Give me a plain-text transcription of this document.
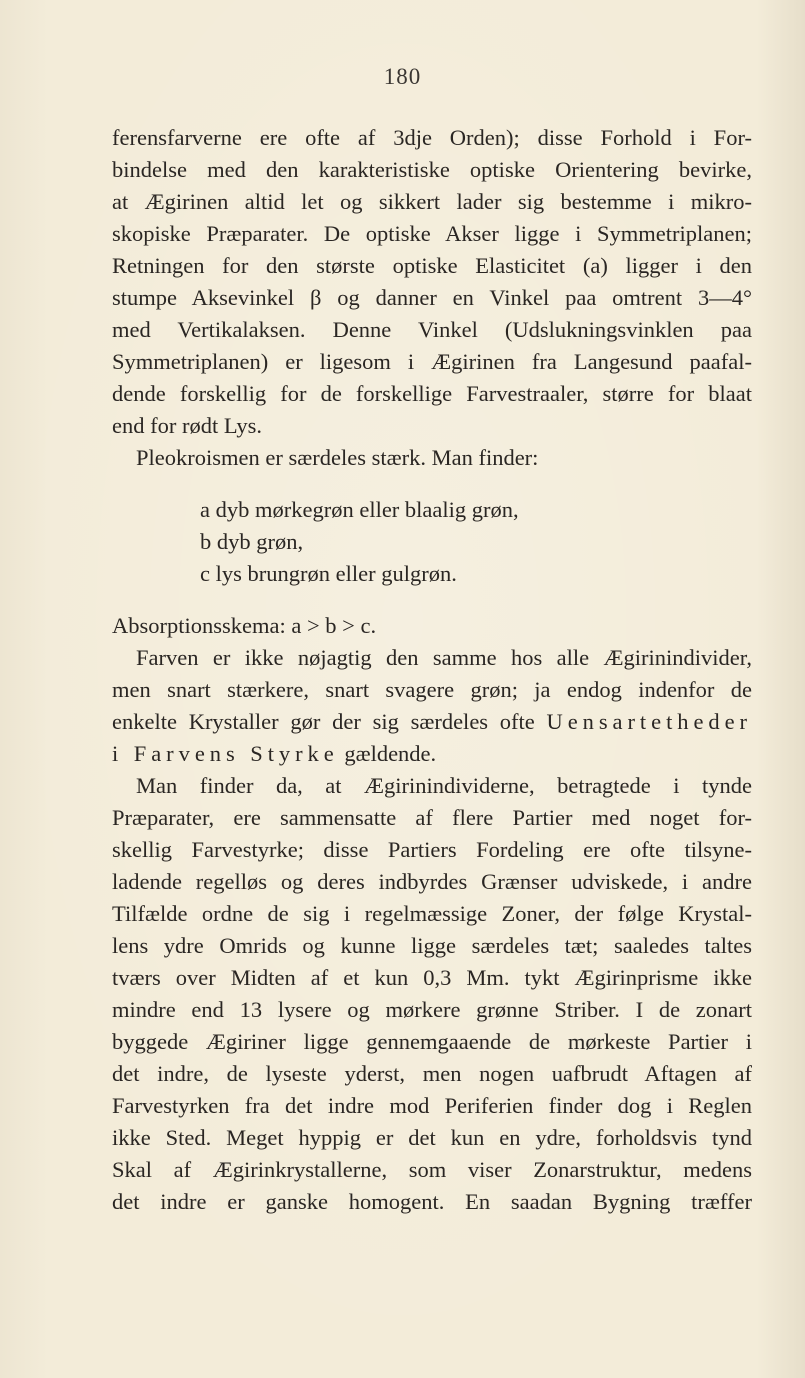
180
ferensfarverne ere ofte af 3dje Orden); disse Forhold i For-
bindelse med den karakteristiske optiske Orientering bevirke,
at Ægirinen altid let og sikkert lader sig bestemme i mikro-
skopiske Præparater. De optiske Akser ligge i Symmetriplanen;
Retningen for den største optiske Elasticitet (a) ligger i den
stumpe Aksevinkel β og danner en Vinkel paa omtrent 3—4°
med Vertikalaksen. Denne Vinkel (Udslukningsvinklen paa
Symmetriplanen) er ligesom i Ægirinen fra Langesund paafal-
dende forskellig for de forskellige Farvestraaler, større for blaat
end for rødt Lys.
Pleokroismen er særdeles stærk. Man finder:
a dyb mørkegrøn eller blaalig grøn,
b dyb grøn,
c lys brungrøn eller gulgrøn.
Absorptionsskema: a > b > c.
Farven er ikke nøjagtig den samme hos alle Ægirinindivider,
men snart stærkere, snart svagere grøn; ja endog indenfor de
enkelte Krystaller gør der sig særdeles ofte Uensartetheder
i Farvens Styrke gældende.
Man finder da, at Ægirinindividerne, betragtede i tynde
Præparater, ere sammensatte af flere Partier med noget for-
skellig Farvestyrke; disse Partiers Fordeling ere ofte tilsyne-
ladende regelløs og deres indbyrdes Grænser udviskede, i andre
Tilfælde ordne de sig i regelmæssige Zoner, der følge Krystal-
lens ydre Omrids og kunne ligge særdeles tæt; saaledes taltes
tværs over Midten af et kun 0,3 Mm. tykt Ægirinprisme ikke
mindre end 13 lysere og mørkere grønne Striber. I de zonart
byggede Ægiriner ligge gennemgaaende de mørkeste Partier i
det indre, de lyseste yderst, men nogen uafbrudt Aftagen af
Farvestyrken fra det indre mod Periferien finder dog i Reglen
ikke Sted. Meget hyppig er det kun en ydre, forholdsvis tynd
Skal af Ægirinkrystallerne, som viser Zonarstruktur, medens
det indre er ganske homogent. En saadan Bygning træffer
